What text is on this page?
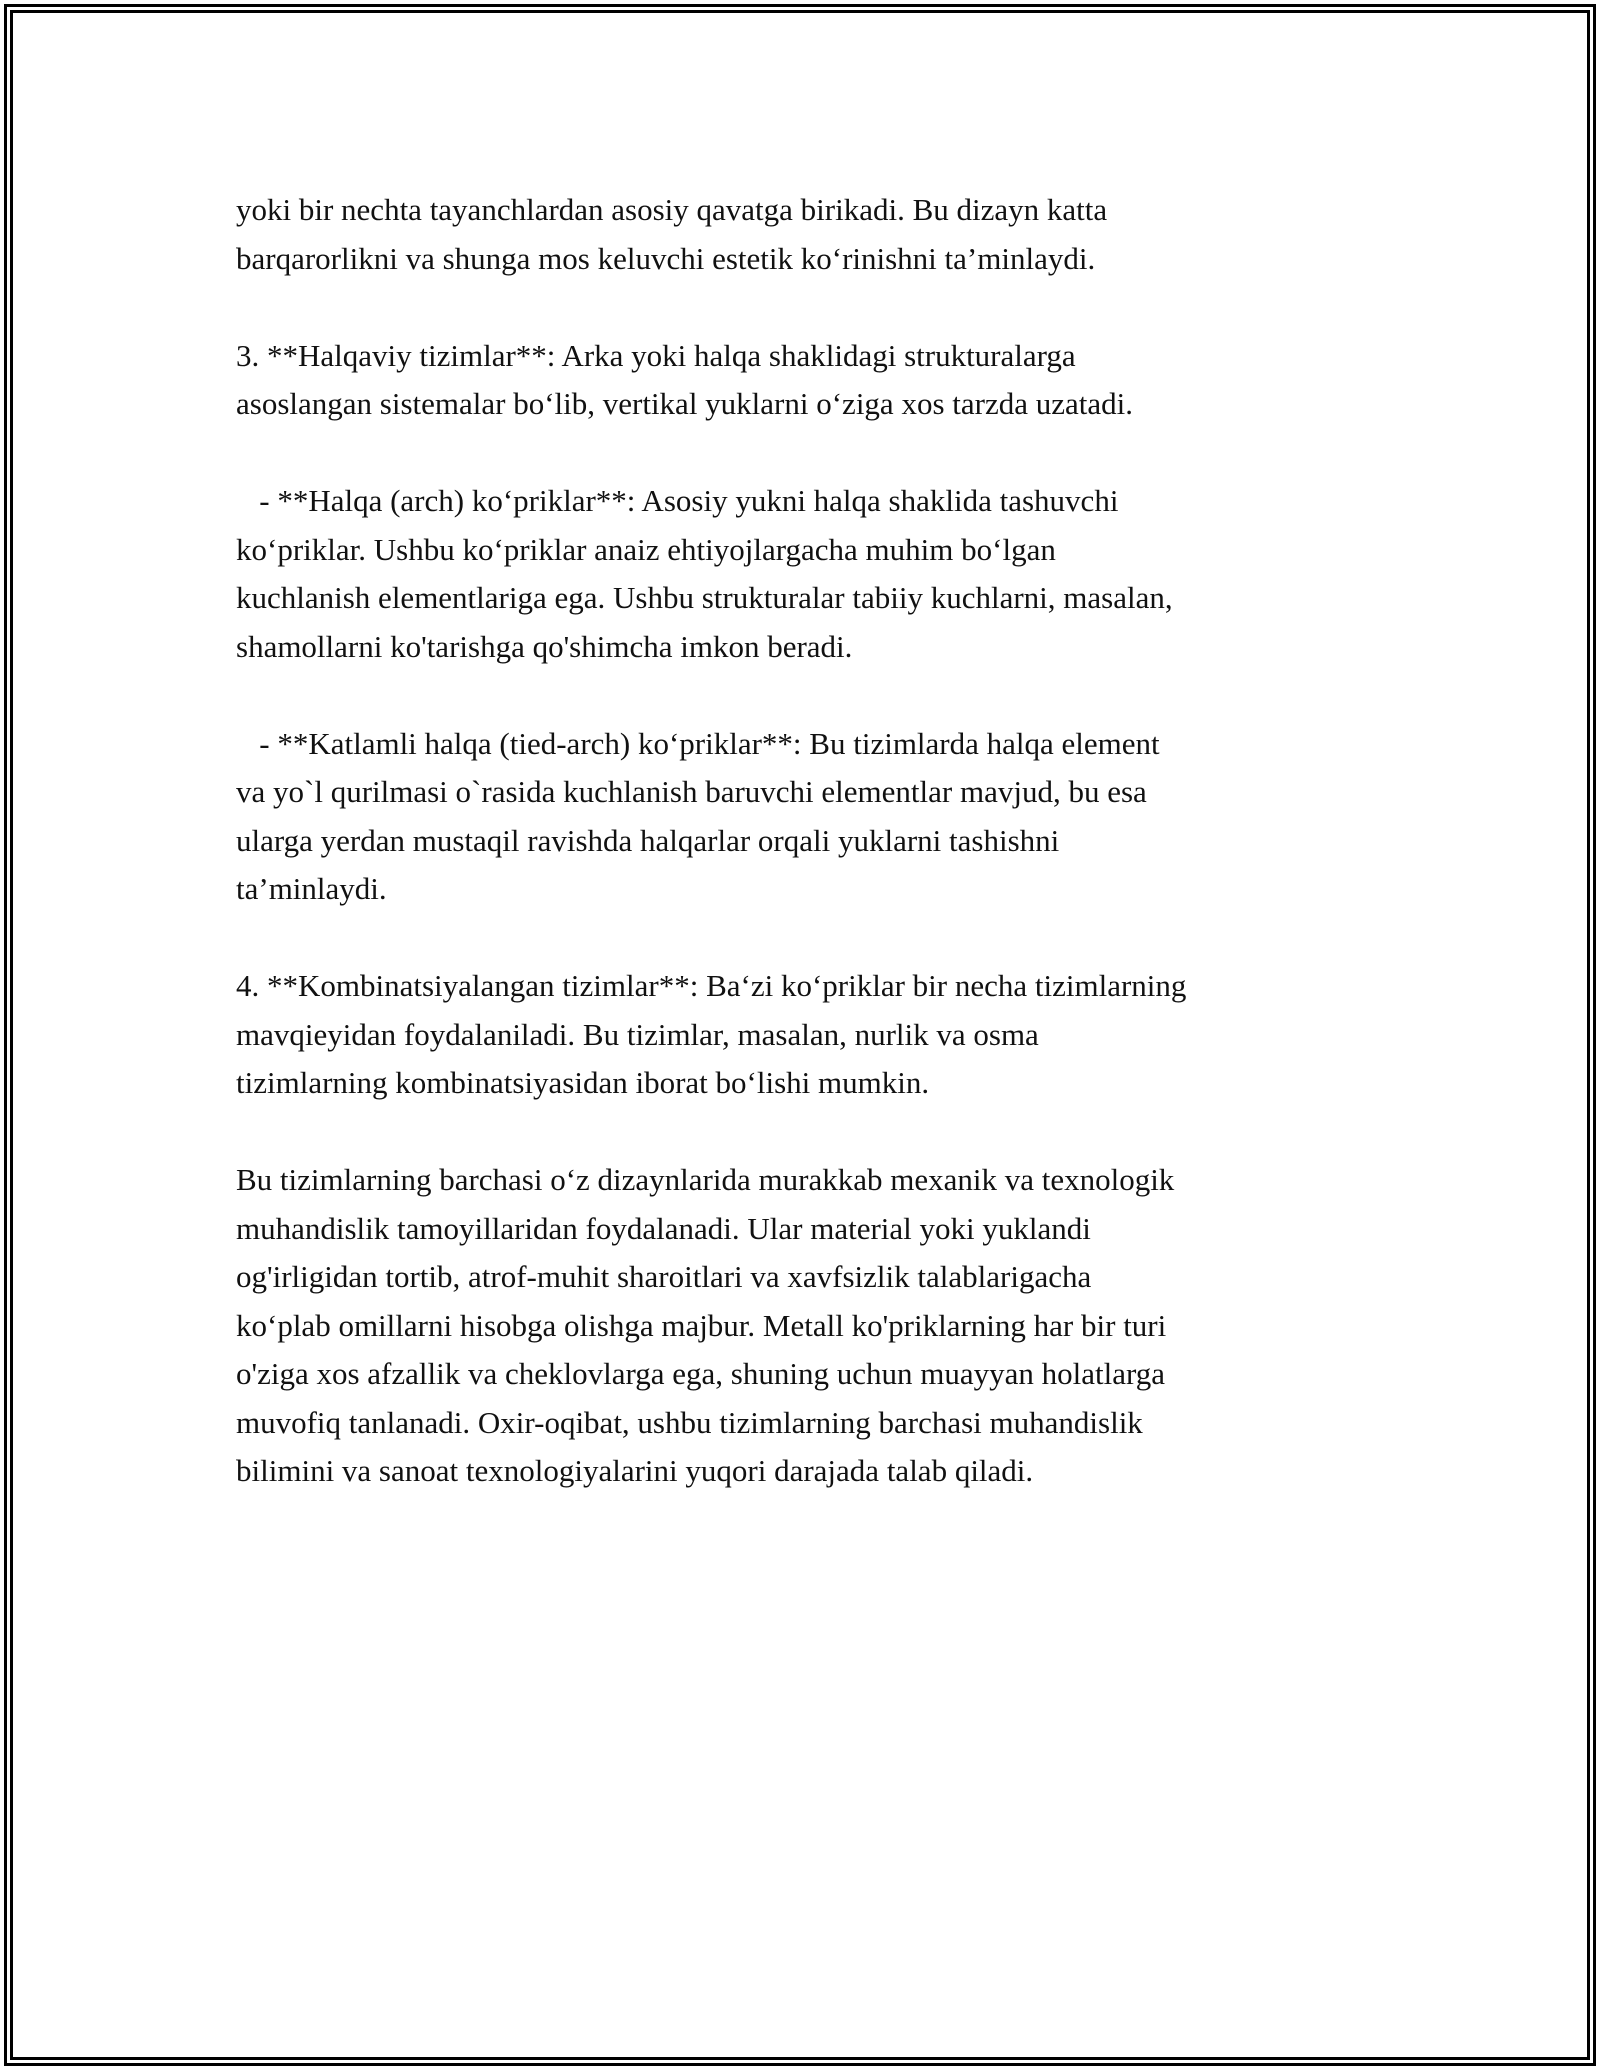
yoki bir nechta tayanchlardan asosiy qavatga birikadi. Bu dizayn katta
barqarorlikni va shunga mos keluvchi estetik ko‘rinishni ta’minlaydi.
3. **Halqaviy tizimlar**: Arka yoki halqa shaklidagi strukturalarga
asoslangan sistemalar bo‘lib, vertikal yuklarni o‘ziga xos tarzda uzatadi.
- **Halqa (arch) ko‘priklar**: Asosiy yukni halqa shaklida tashuvchi
ko‘priklar. Ushbu ko‘priklar anaiz ehtiyojlargacha muhim bo‘lgan
kuchlanish elementlariga ega. Ushbu strukturalar tabiiy kuchlarni, masalan,
shamollarni ko'tarishga qo'shimcha imkon beradi.
- **Katlamli halqa (tied-arch) ko‘priklar**: Bu tizimlarda halqa element
va yo`l qurilmasi o`rasida kuchlanish baruvchi elementlar mavjud, bu esa
ularga yerdan mustaqil ravishda halqarlar orqali yuklarni tashishni
ta’minlaydi.
4. **Kombinatsiyalangan tizimlar**: Ba‘zi ko‘priklar bir necha tizimlarning
mavqieyidan foydalaniladi. Bu tizimlar, masalan, nurlik va osma
tizimlarning kombinatsiyasidan iborat bo‘lishi mumkin.
Bu tizimlarning barchasi o‘z dizaynlarida murakkab mexanik va texnologik
muhandislik tamoyillaridan foydalanadi. Ular material yoki yuklandi
og'irligidan tortib, atrof-muhit sharoitlari va xavfsizlik talablarigacha
ko‘plab omillarni hisobga olishga majbur. Metall ko'priklarning har bir turi
o'ziga xos afzallik va cheklovlarga ega, shuning uchun muayyan holatlarga
muvofiq tanlanadi. Oxir-oqibat, ushbu tizimlarning barchasi muhandislik
bilimini va sanoat texnologiyalarini yuqori darajada talab qiladi.
